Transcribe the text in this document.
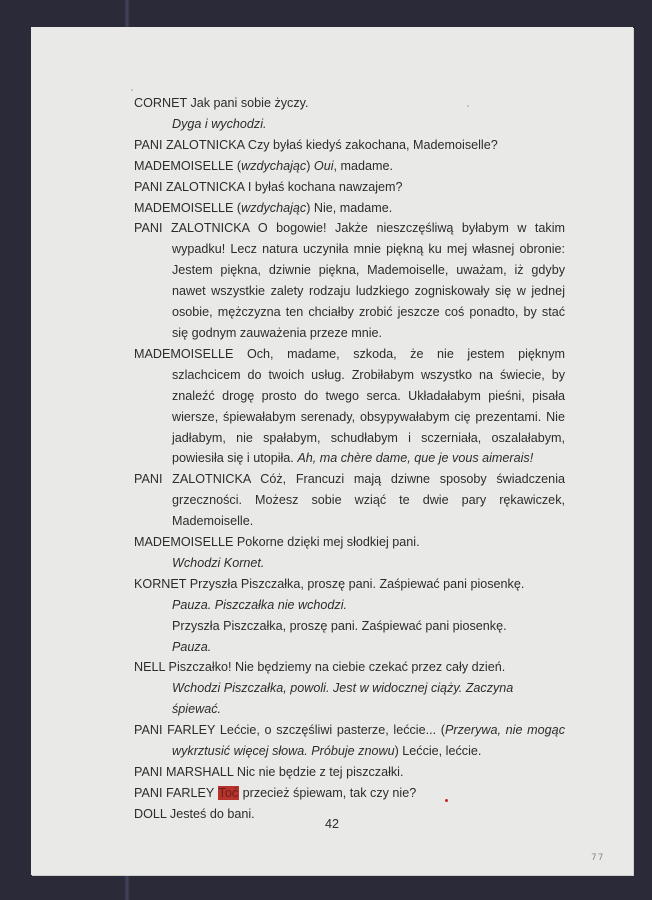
CORNET Jak pani sobie życzy.

Dyga i wychodzi.

PANI ZALOTNICKA Czy byłaś kiedyś zakochana, Mademoiselle?

MADEMOISELLE (wzdychając) Oui, madame.

PANI ZALOTNICKA I byłaś kochana nawzajem?

MADEMOISELLE (wzdychając) Nie, madame.

PANI ZALOTNICKA O bogowie! Jakże nieszczęśliwą byłabym w takim wypadku! Lecz natura uczyniła mnie piękną ku mej własnej obronie: Jestem piękna, dziwnie piękna, Mademoiselle, uważam, iż gdyby nawet wszystkie zalety rodzaju ludzkiego zogniskowały się w jednej osobie, mężczyzna ten chciałby zrobić jeszcze coś ponadto, by stać się godnym zauważenia przeze mnie.

MADEMOISELLE Och, madame, szkoda, że nie jestem pięknym szlachcicem do twoich usług. Zrobiłabym wszystko na świecie, by znaleźć drogę prosto do twego serca. Układałabym pieśni, pisała wiersze, śpiewałabym serenady, obsypywałabym cię prezentami. Nie jadłabym, nie spałabym, schudłabym i sczerniała, oszalałabym, powiesiła się i utopiła. Ah, ma chère dame, que je vous aimerais!

PANI ZALOTNICKA Cóż, Francuzi mają dziwne sposoby świadczenia grzeczności. Możesz sobie wziąć te dwie pary rękawiczek, Mademoiselle.

MADEMOISELLE Pokorne dzięki mej słodkiej pani.

Wchodzi Kornet.

KORNET Przyszła Piszczałka, proszę pani. Zaśpiewać pani piosenkę.

Pauza. Piszczałka nie wchodzi.

Przyszła Piszczałka, proszę pani. Zaśpiewać pani piosenkę.

Pauza.

NELL Piszczałko! Nie będziemy na ciebie czekać przez cały dzień.

Wchodzi Piszczałka, powoli. Jest w widocznej ciąży. Zaczyna śpiewać.

PANI FARLEY Lećcie, o szczęśliwi pasterze, lećcie... (Przerywa, nie mogąc wykrztusić więcej słowa. Próbuje znowu) Lećcie, lećcie.

PANI MARSHALL Nic nie będzie z tej piszczałki.

PANI FARLEY Toć przecież śpiewam, tak czy nie?

DOLL Jesteś do bani.

42
77
